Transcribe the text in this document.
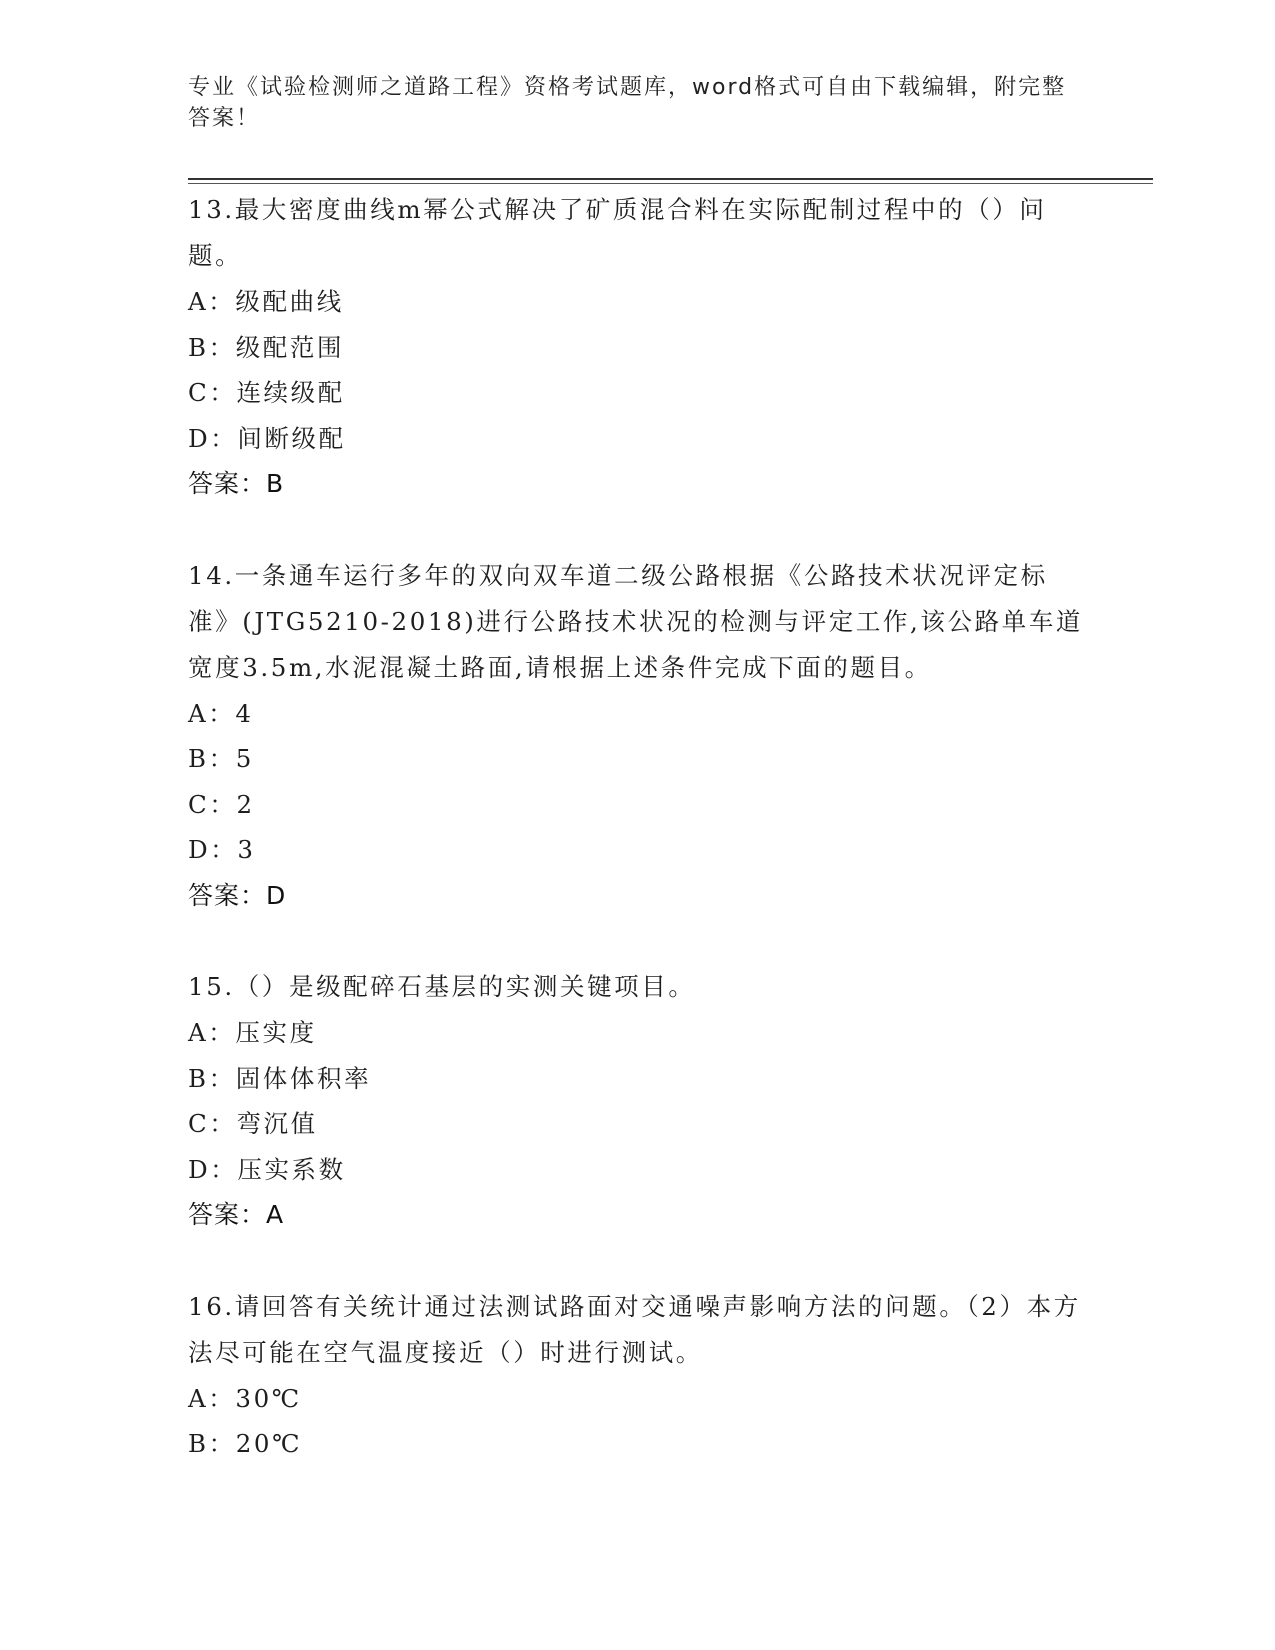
专业《试验检测师之道路工程》资格考试题库，word格式可自由下载编辑，附完整答案！

13.最大密度曲线m幂公式解决了矿质混合料在实际配制过程中的（）问题。

A：级配曲线

B：级配范围

C：连续级配

D：间断级配

答案：B

14.一条通车运行多年的双向双车道二级公路根据《公路技术状况评定标准》(JTG5210-2018)进行公路技术状况的检测与评定工作,该公路单车道宽度3.5m,水泥混凝土路面,请根据上述条件完成下面的题目。

A：4

B：5

C：2

D：3

答案：D

15.（）是级配碎石基层的实测关键项目。

A：压实度

B：固体体积率

C：弯沉值

D：压实系数

答案：A

16.请回答有关统计通过法测试路面对交通噪声影响方法的问题。（2）本方法尽可能在空气温度接近（）时进行测试。

A：30℃

B：20℃
